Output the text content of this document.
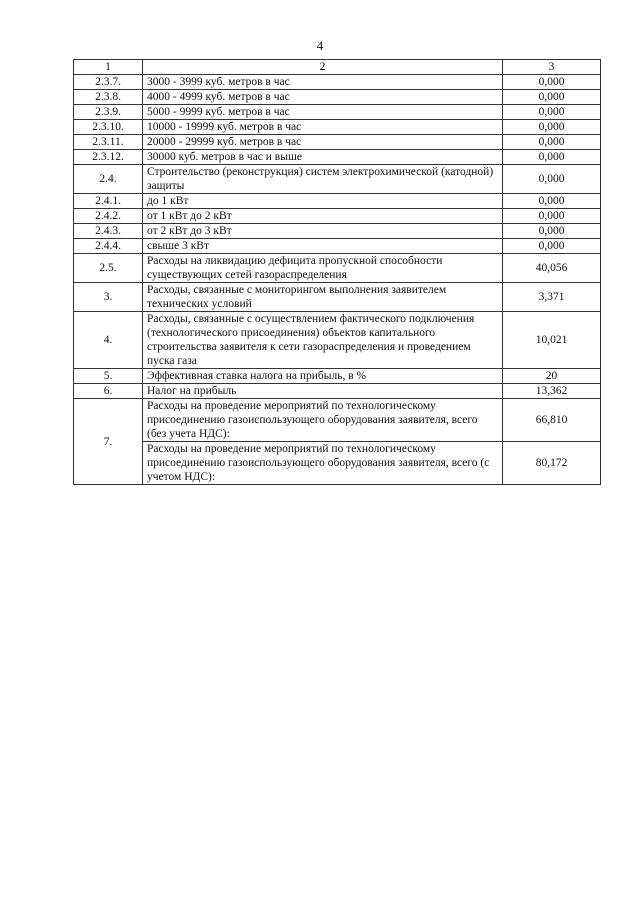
4
1	2	3
2.3.7.	3000 - 3999 куб. метров в час	0,000
2.3.8.	4000 - 4999 куб. метров в час	0,000
2.3.9.	5000 - 9999 куб. метров в час	0,000
2.3.10.	10000 - 19999 куб. метров в час	0,000
2.3.11.	20000 - 29999 куб. метров в час	0,000
2.3.12.	30000 куб. метров в час и выше	0,000
2.4.	Строительство (реконструкция) систем электрохимической (катодной) защиты	0,000
2.4.1.	до 1 кВт	0,000
2.4.2.	от 1 кВт до 2 кВт	0,000
2.4.3.	от 2 кВт до 3 кВт	0,000
2.4.4.	свыше 3 кВт	0,000
2.5.	Расходы на ликвидацию дефицита пропускной способности существующих сетей газораспределения	40,056
3.	Расходы, связанные с мониторингом выполнения заявителем технических условий	3,371
4.	Расходы, связанные с осуществлением фактического подключения (технологического присоединения) объектов капитального строительства заявителя к сети газораспределения и проведением пуска газа	10,021
5.	Эффективная ставка налога на прибыль, в %	20
6.	Налог на прибыль	13,362
7.	Расходы на проведение мероприятий по технологическому присоединению газоиспользующего оборудования заявителя, всего (без учета НДС):	66,810
	Расходы на проведение мероприятий по технологическому присоединению газоиспользующего оборудования заявителя, всего (с учетом НДС):	80,172
